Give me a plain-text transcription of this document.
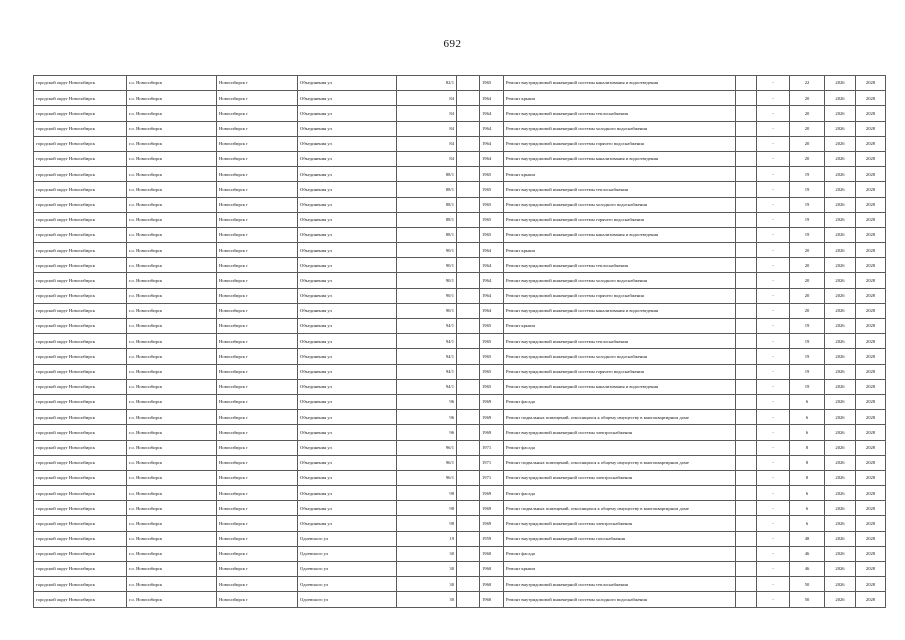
692
городской округ Новосибирск	г.о. Новосибирск	Новосибирск г	Объединения ул	82/1		1965	Ремонт внутридомовой инженерной системы канализования и водоотведения		-	22	2026	2028
городской округ Новосибирск	г.о. Новосибирск	Новосибирск г	Объединения ул	84		1964	Ремонт крыши		-	20	2026	2028
городской округ Новосибирск	г.о. Новосибирск	Новосибирск г	Объединения ул	84		1964	Ремонт внутридомовой инженерной системы теплоснабжения		-	20	2026	2028
городской округ Новосибирск	г.о. Новосибирск	Новосибирск г	Объединения ул	84		1964	Ремонт внутридомовой инженерной системы холодного водоснабжения		-	20	2026	2028
городской округ Новосибирск	г.о. Новосибирск	Новосибирск г	Объединения ул	84		1964	Ремонт внутридомовой инженерной системы горячего водоснабжения		-	20	2026	2028
городской округ Новосибирск	г.о. Новосибирск	Новосибирск г	Объединения ул	84		1964	Ремонт внутридомовой инженерной системы канализования и водоотведения		-	20	2026	2028
городской округ Новосибирск	г.о. Новосибирск	Новосибирск г	Объединения ул	88/1		1965	Ремонт крыши		-	19	2026	2028
городской округ Новосибирск	г.о. Новосибирск	Новосибирск г	Объединения ул	88/1		1965	Ремонт внутридомовой инженерной системы теплоснабжения		-	19	2026	2028
городской округ Новосибирск	г.о. Новосибирск	Новосибирск г	Объединения ул	88/1		1965	Ремонт внутридомовой инженерной системы холодного водоснабжения		-	19	2026	2028
городской округ Новосибирск	г.о. Новосибирск	Новосибирск г	Объединения ул	88/1		1965	Ремонт внутридомовой инженерной системы горячего водоснабжения		-	19	2026	2028
городской округ Новосибирск	г.о. Новосибирск	Новосибирск г	Объединения ул	88/1		1965	Ремонт внутридомовой инженерной системы канализования и водоотведения		-	19	2026	2028
городской округ Новосибирск	г.о. Новосибирск	Новосибирск г	Объединения ул	90/1		1964	Ремонт крыши		-	20	2026	2028
городской округ Новосибирск	г.о. Новосибирск	Новосибирск г	Объединения ул	90/1		1964	Ремонт внутридомовой инженерной системы теплоснабжения		-	20	2026	2028
городской округ Новосибирск	г.о. Новосибирск	Новосибирск г	Объединения ул	90/1		1964	Ремонт внутридомовой инженерной системы холодного водоснабжения		-	20	2026	2028
городской округ Новосибирск	г.о. Новосибирск	Новосибирск г	Объединения ул	90/1		1964	Ремонт внутридомовой инженерной системы горячего водоснабжения		-	20	2026	2028
городской округ Новосибирск	г.о. Новосибирск	Новосибирск г	Объединения ул	90/1		1964	Ремонт внутридомовой инженерной системы канализования и водоотведения		-	20	2026	2028
городской округ Новосибирск	г.о. Новосибирск	Новосибирск г	Объединения ул	94/1		1965	Ремонт крыши		-	19	2026	2028
городской округ Новосибирск	г.о. Новосибирск	Новосибирск г	Объединения ул	94/1		1965	Ремонт внутридомовой инженерной системы теплоснабжения		-	19	2026	2028
городской округ Новосибирск	г.о. Новосибирск	Новосибирск г	Объединения ул	94/1		1965	Ремонт внутридомовой инженерной системы холодного водоснабжения		-	19	2026	2028
городской округ Новосибирск	г.о. Новосибирск	Новосибирск г	Объединения ул	94/1		1965	Ремонт внутридомовой инженерной системы горячего водоснабжения		-	19	2026	2028
городской округ Новосибирск	г.о. Новосибирск	Новосибирск г	Объединения ул	94/1		1965	Ремонт внутридомовой инженерной системы канализования и водоотведения		-	19	2026	2028
городской округ Новосибирск	г.о. Новосибирск	Новосибирск г	Объединения ул	96		1969	Ремонт фасада		-	6	2026	2028
городской округ Новосибирск	г.о. Новосибирск	Новосибирск г	Объединения ул	96		1969	Ремонт подвальных помещений, относящихся к общему имуществу в многоквартирном доме		-	6	2026	2028
городской округ Новосибирск	г.о. Новосибирск	Новосибирск г	Объединения ул	96		1969	Ремонт внутридомовой инженерной системы электроснабжения		-	6	2026	2028
городской округ Новосибирск	г.о. Новосибирск	Новосибирск г	Объединения ул	96/1		1971	Ремонт фасада		-	8	2026	2028
городской округ Новосибирск	г.о. Новосибирск	Новосибирск г	Объединения ул	96/1		1971	Ремонт подвальных помещений, относящихся к общему имуществу в многоквартирном доме		-	8	2026	2028
городской округ Новосибирск	г.о. Новосибирск	Новосибирск г	Объединения ул	96/1		1971	Ремонт внутридомовой инженерной системы электроснабжения		-	8	2026	2028
городской округ Новосибирск	г.о. Новосибирск	Новосибирск г	Объединения ул	98		1969	Ремонт фасада		-	6	2026	2028
городской округ Новосибирск	г.о. Новосибирск	Новосибирск г	Объединения ул	98		1969	Ремонт подвальных помещений, относящихся к общему имуществу в многоквартирном доме		-	6	2026	2028
городской округ Новосибирск	г.о. Новосибирск	Новосибирск г	Объединения ул	98		1969	Ремонт внутридомовой инженерной системы электроснабжения		-	6	2026	2028
городской округ Новосибирск	г.о. Новосибирск	Новосибирск г	Одоевского ул	19		1959	Ремонт внутридомовой инженерной системы газоснабжения		-	48	2026	2028
городской округ Новосибирск	г.о. Новосибирск	Новосибирск г	Одоевского ул	30		1960	Ремонт фасада		-	46	2026	2028
городской округ Новосибирск	г.о. Новосибирск	Новосибирск г	Одоевского ул	30		1960	Ремонт крыши		-	46	2026	2028
городской округ Новосибирск	г.о. Новосибирск	Новосибирск г	Одоевского ул	30		1960	Ремонт внутридомовой инженерной системы теплоснабжения		-	50	2026	2028
городской округ Новосибирск	г.о. Новосибирск	Новосибирск г	Одоевского ул	30		1960	Ремонт внутридомовой инженерной системы холодного водоснабжения		-	50	2026	2028
